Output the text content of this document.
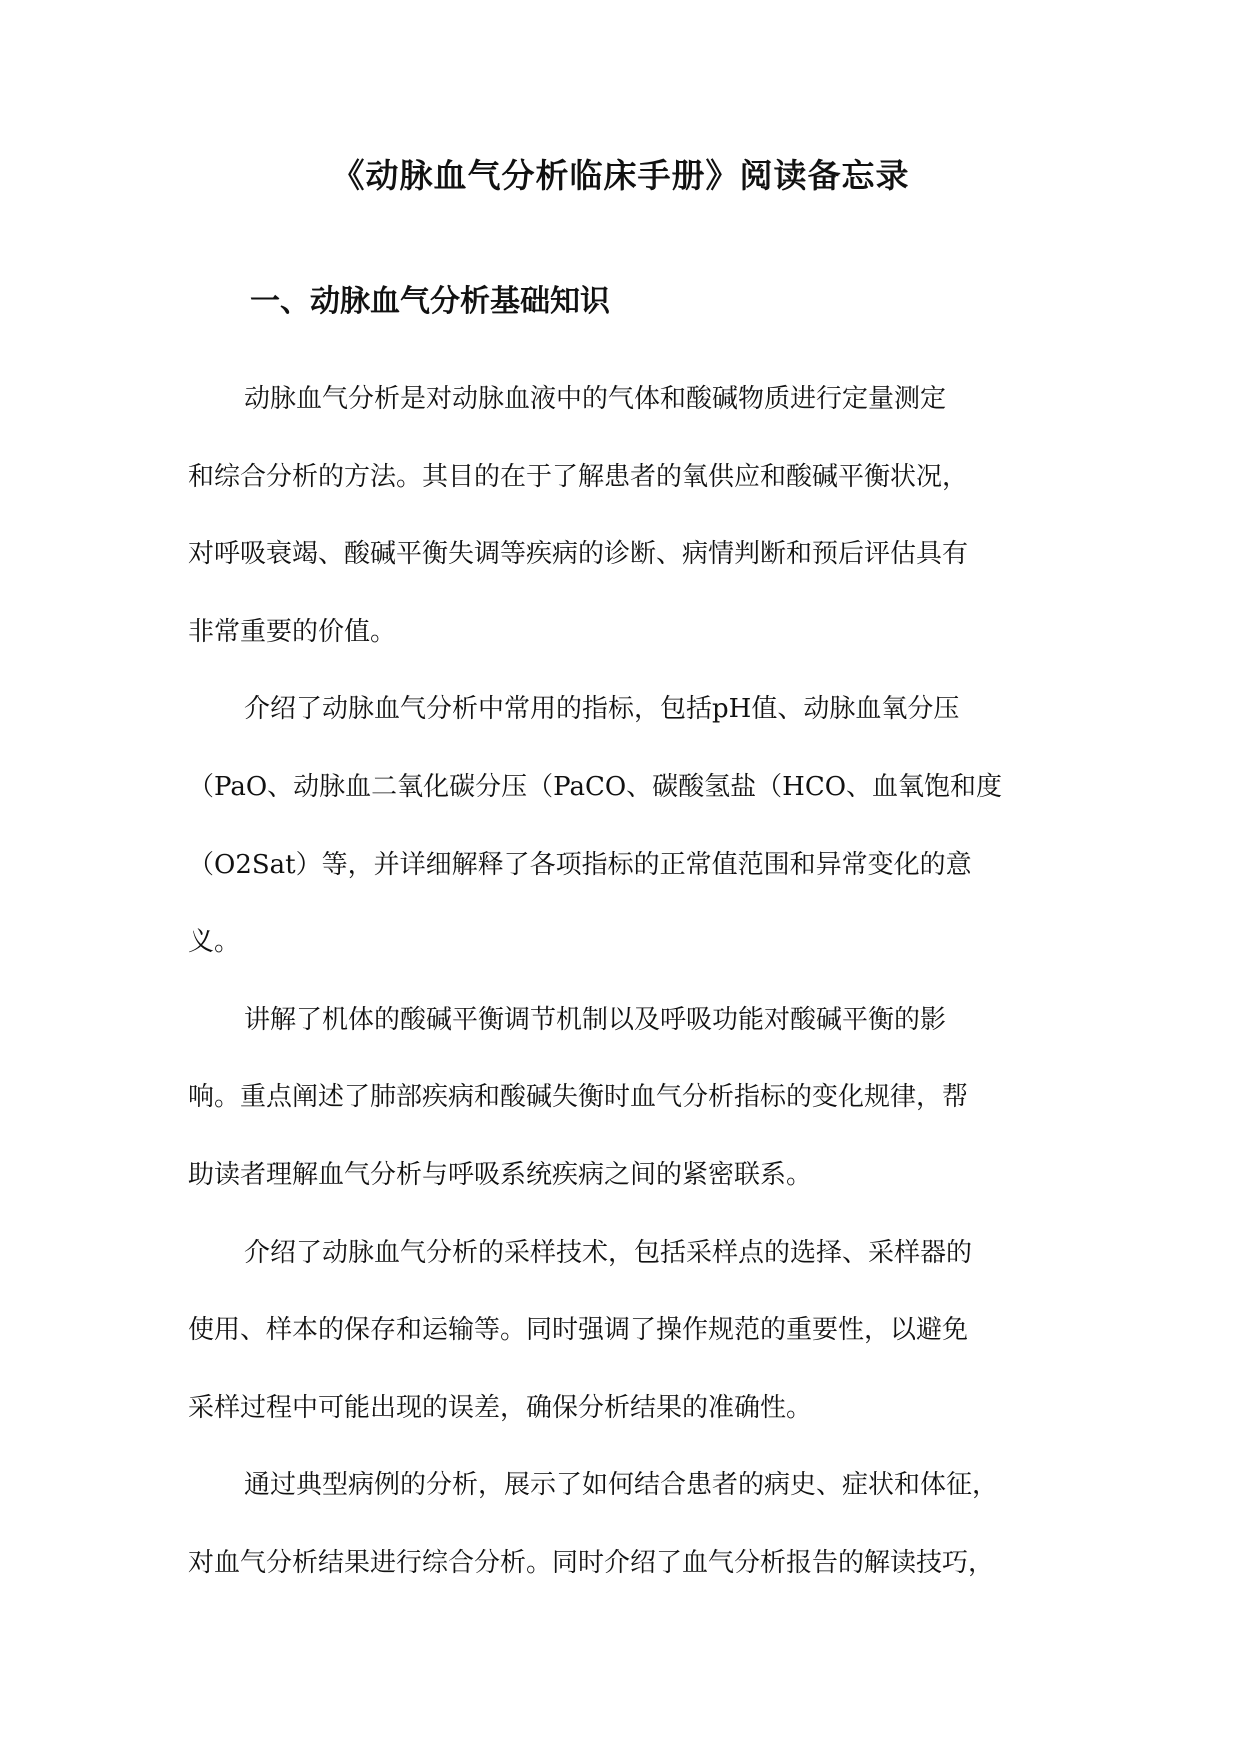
《动脉血气分析临床手册》阅读备忘录
一、动脉血气分析基础知识

动脉血气分析是对动脉血液中的气体和酸碱物质进行定量测定
和综合分析的方法。其目的在于了解患者的氧供应和酸碱平衡状况，
对呼吸衰竭、酸碱平衡失调等疾病的诊断、病情判断和预后评估具有
非常重要的价值。

介绍了动脉血气分析中常用的指标，包括pH值、动脉血氧分压
（PaO、动脉血二氧化碳分压（PaCO、碳酸氢盐（HCO、血氧饱和度
（O2Sat）等，并详细解释了各项指标的正常值范围和异常变化的意
义。

讲解了机体的酸碱平衡调节机制以及呼吸功能对酸碱平衡的影
响。重点阐述了肺部疾病和酸碱失衡时血气分析指标的变化规律，帮
助读者理解血气分析与呼吸系统疾病之间的紧密联系。

介绍了动脉血气分析的采样技术，包括采样点的选择、采样器的
使用、样本的保存和运输等。同时强调了操作规范的重要性，以避免
采样过程中可能出现的误差，确保分析结果的准确性。

通过典型病例的分析，展示了如何结合患者的病史、症状和体征，
对血气分析结果进行综合分析。同时介绍了血气分析报告的解读技巧，
